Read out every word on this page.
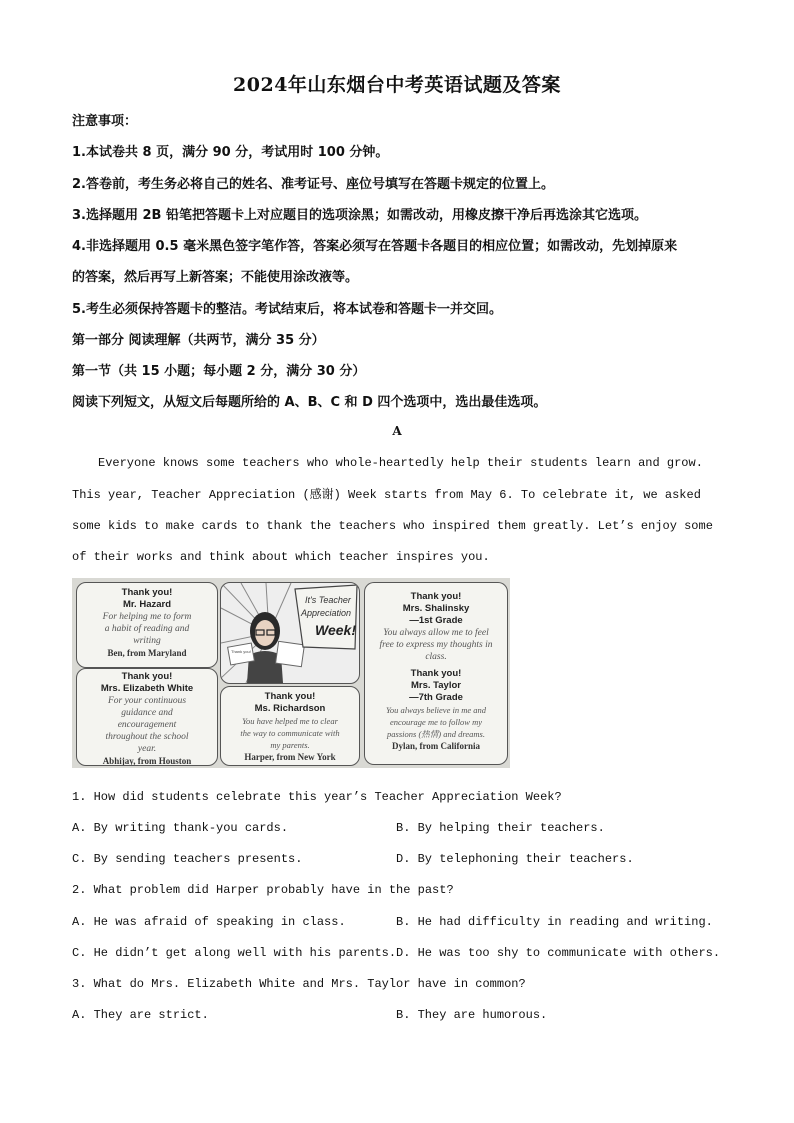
2024年山东烟台中考英语试题及答案
注意事项：
1.本试卷共 8 页，满分 90 分，考试用时 100 分钟。
2.答卷前，考生务必将自己的姓名、准考证号、座位号填写在答题卡规定的位置上。
3.选择题用 2B 铅笔把答题卡上对应题目的选项涂黑；如需改动，用橡皮擦干净后再选涂其它选项。
4.非选择题用 0.5 毫米黑色签字笔作答，答案必须写在答题卡各题目的相应位置；如需改动，先划掉原来
的答案，然后再写上新答案；不能使用涂改液等。
5.考生必须保持答题卡的整洁。考试结束后，将本试卷和答题卡一并交回。
第一部分 阅读理解（共两节，满分 35 分）
第一节（共 15 小题；每小题 2 分，满分 30 分）
阅读下列短文，从短文后每题所给的 A、B、C 和 D 四个选项中，选出最佳选项。
A
Everyone knows some teachers who whole-heartedly help their students learn and grow.
This year, Teacher Appreciation (感谢) Week starts from May 6. To celebrate it, we asked
some kids to make cards to thank the teachers who inspired them greatly. Let’s enjoy some
of their works and think about which teacher inspires you.
Thank you!
Mr. Hazard
For helping me to form
a habit of reading and
writing
Ben, from Maryland	Thank you!
It's Teacher
Appreciation
Week!
Thank you!
Mrs. Shalinsky
—1st Grade
You always allow me to feel
free to express my thoughts in
class.
Thank you!
Mrs. Elizabeth White
For your continuous
guidance and
encouragement
throughout the school
year.
Abhijay, from Houston
Thank you!
Ms. Richardson
You have helped me to clear
the way to communicate with
my parents.
Harper, from New York
Thank you!
Mrs. Taylor
—7th Grade
You always believe in me and
encourage me to follow my
passions (热情) and dreams.
Dylan, from California
1. How did students celebrate this year’s Teacher Appreciation Week?
A. By writing thank-you cards.	B. By helping their teachers.
C. By sending teachers presents.	D. By telephoning their teachers.
2. What problem did Harper probably have in the past?
A. He was afraid of speaking in class.	B. He had difficulty in reading and writing.
C. He didn’t get along well with his parents. D. He was too shy to communicate with others.
3. What do Mrs. Elizabeth White and Mrs. Taylor have in common?
A. They are strict.	B. They are humorous.
